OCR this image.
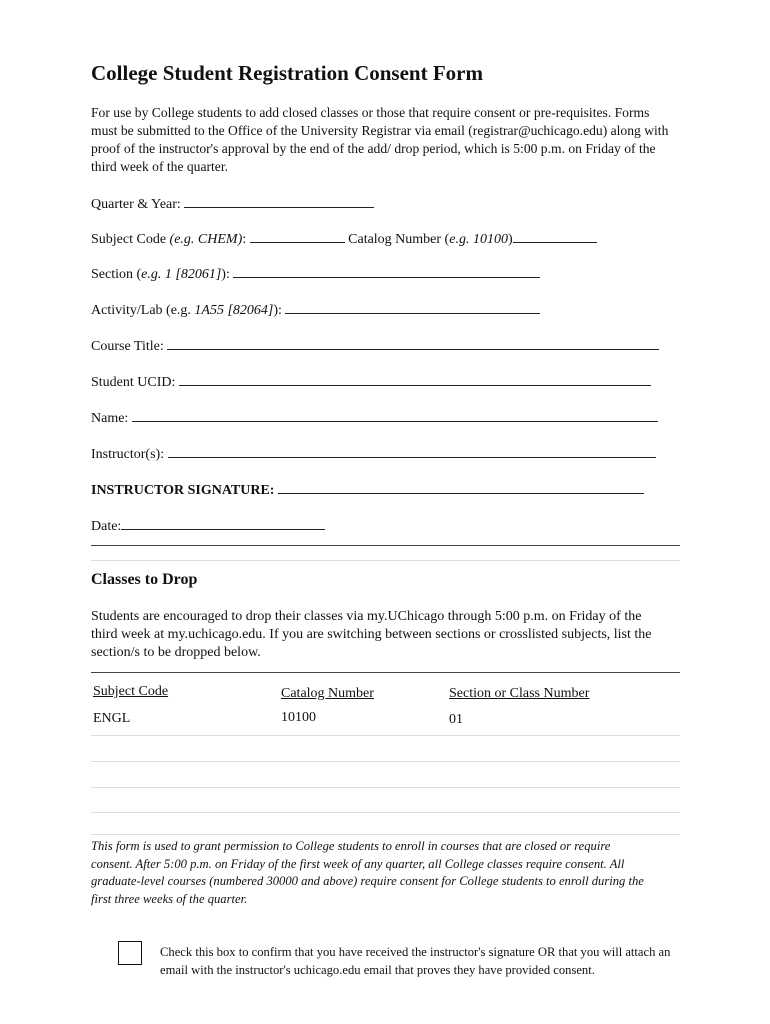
College Student Registration Consent Form
For use by College students to add closed classes or those that require consent or pre-requisites. Forms must be submitted to the Office of the University Registrar via email (registrar@uchicago.edu) along with proof of the instructor's approval by the end of the add/ drop period, which is 5:00 p.m. on Friday of the third week of the quarter.
Quarter & Year:
Subject Code (e.g. CHEM):	Catalog Number (e.g. 10100)
Section (e.g. 1 [82061]):
Activity/Lab (e.g. 1A55 [82064]):
Course Title:
Student UCID:
Name:
Instructor(s):
INSTRUCTOR SIGNATURE:
Date:
Classes to Drop
Students are encouraged to drop their classes via my.UChicago through 5:00 p.m. on Friday of the third week at my.uchicago.edu. If you are switching between sections or crosslisted subjects, list the section/s to be dropped below.
Subject Code	Catalog Number	Section or Class Number
ENGL	10100	01
This form is used to grant permission to College students to enroll in courses that are closed or require consent. After 5:00 p.m. on Friday of the first week of any quarter, all College classes require consent. All graduate-level courses (numbered 30000 and above) require consent for College students to enroll during the first three weeks of the quarter.
Check this box to confirm that you have received the instructor's signature OR that you will attach an email with the instructor's uchicago.edu email that proves they have provided consent.
